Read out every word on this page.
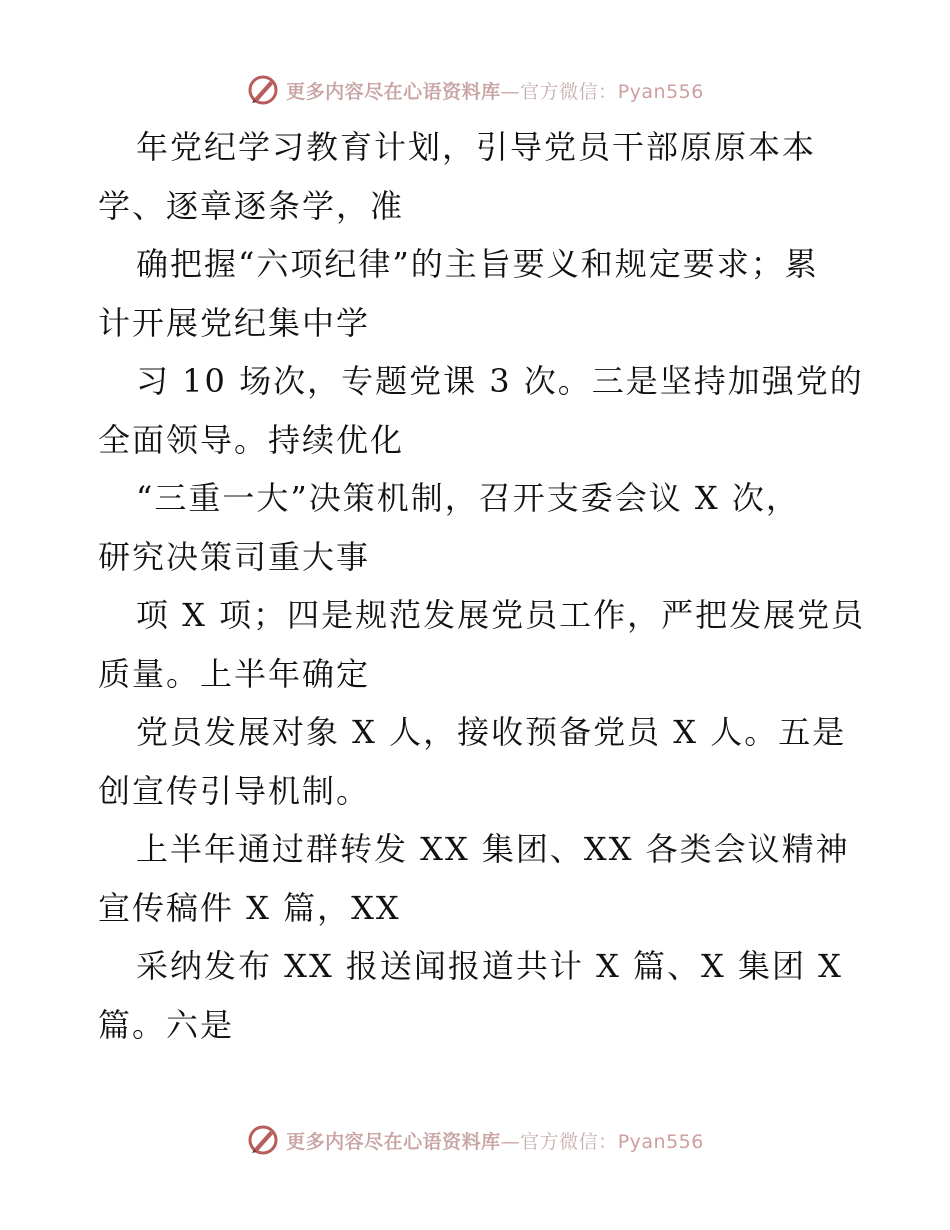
更多内容尽在心语资料库—官方微信：Pyan556
年党纪学习教育计划，引导党员干部原原本本
学、逐章逐条学，准
确把握“六项纪律”的主旨要义和规定要求；累
计开展党纪集中学
习 10 场次，专题党课 3 次。三是坚持加强党的
全面领导。持续优化
“三重一大”决策机制，召开支委会议 X 次，
研究决策司重大事
项 X 项；四是规范发展党员工作，严把发展党员
质量。上半年确定
党员发展对象 X 人，接收预备党员 X 人。五是
创宣传引导机制。
上半年通过群转发 XX 集团、XX 各类会议精神
宣传稿件 X 篇，XX
采纳发布 XX 报送闻报道共计 X 篇、X 集团 X
篇。六是
更多内容尽在心语资料库—官方微信：Pyan556
